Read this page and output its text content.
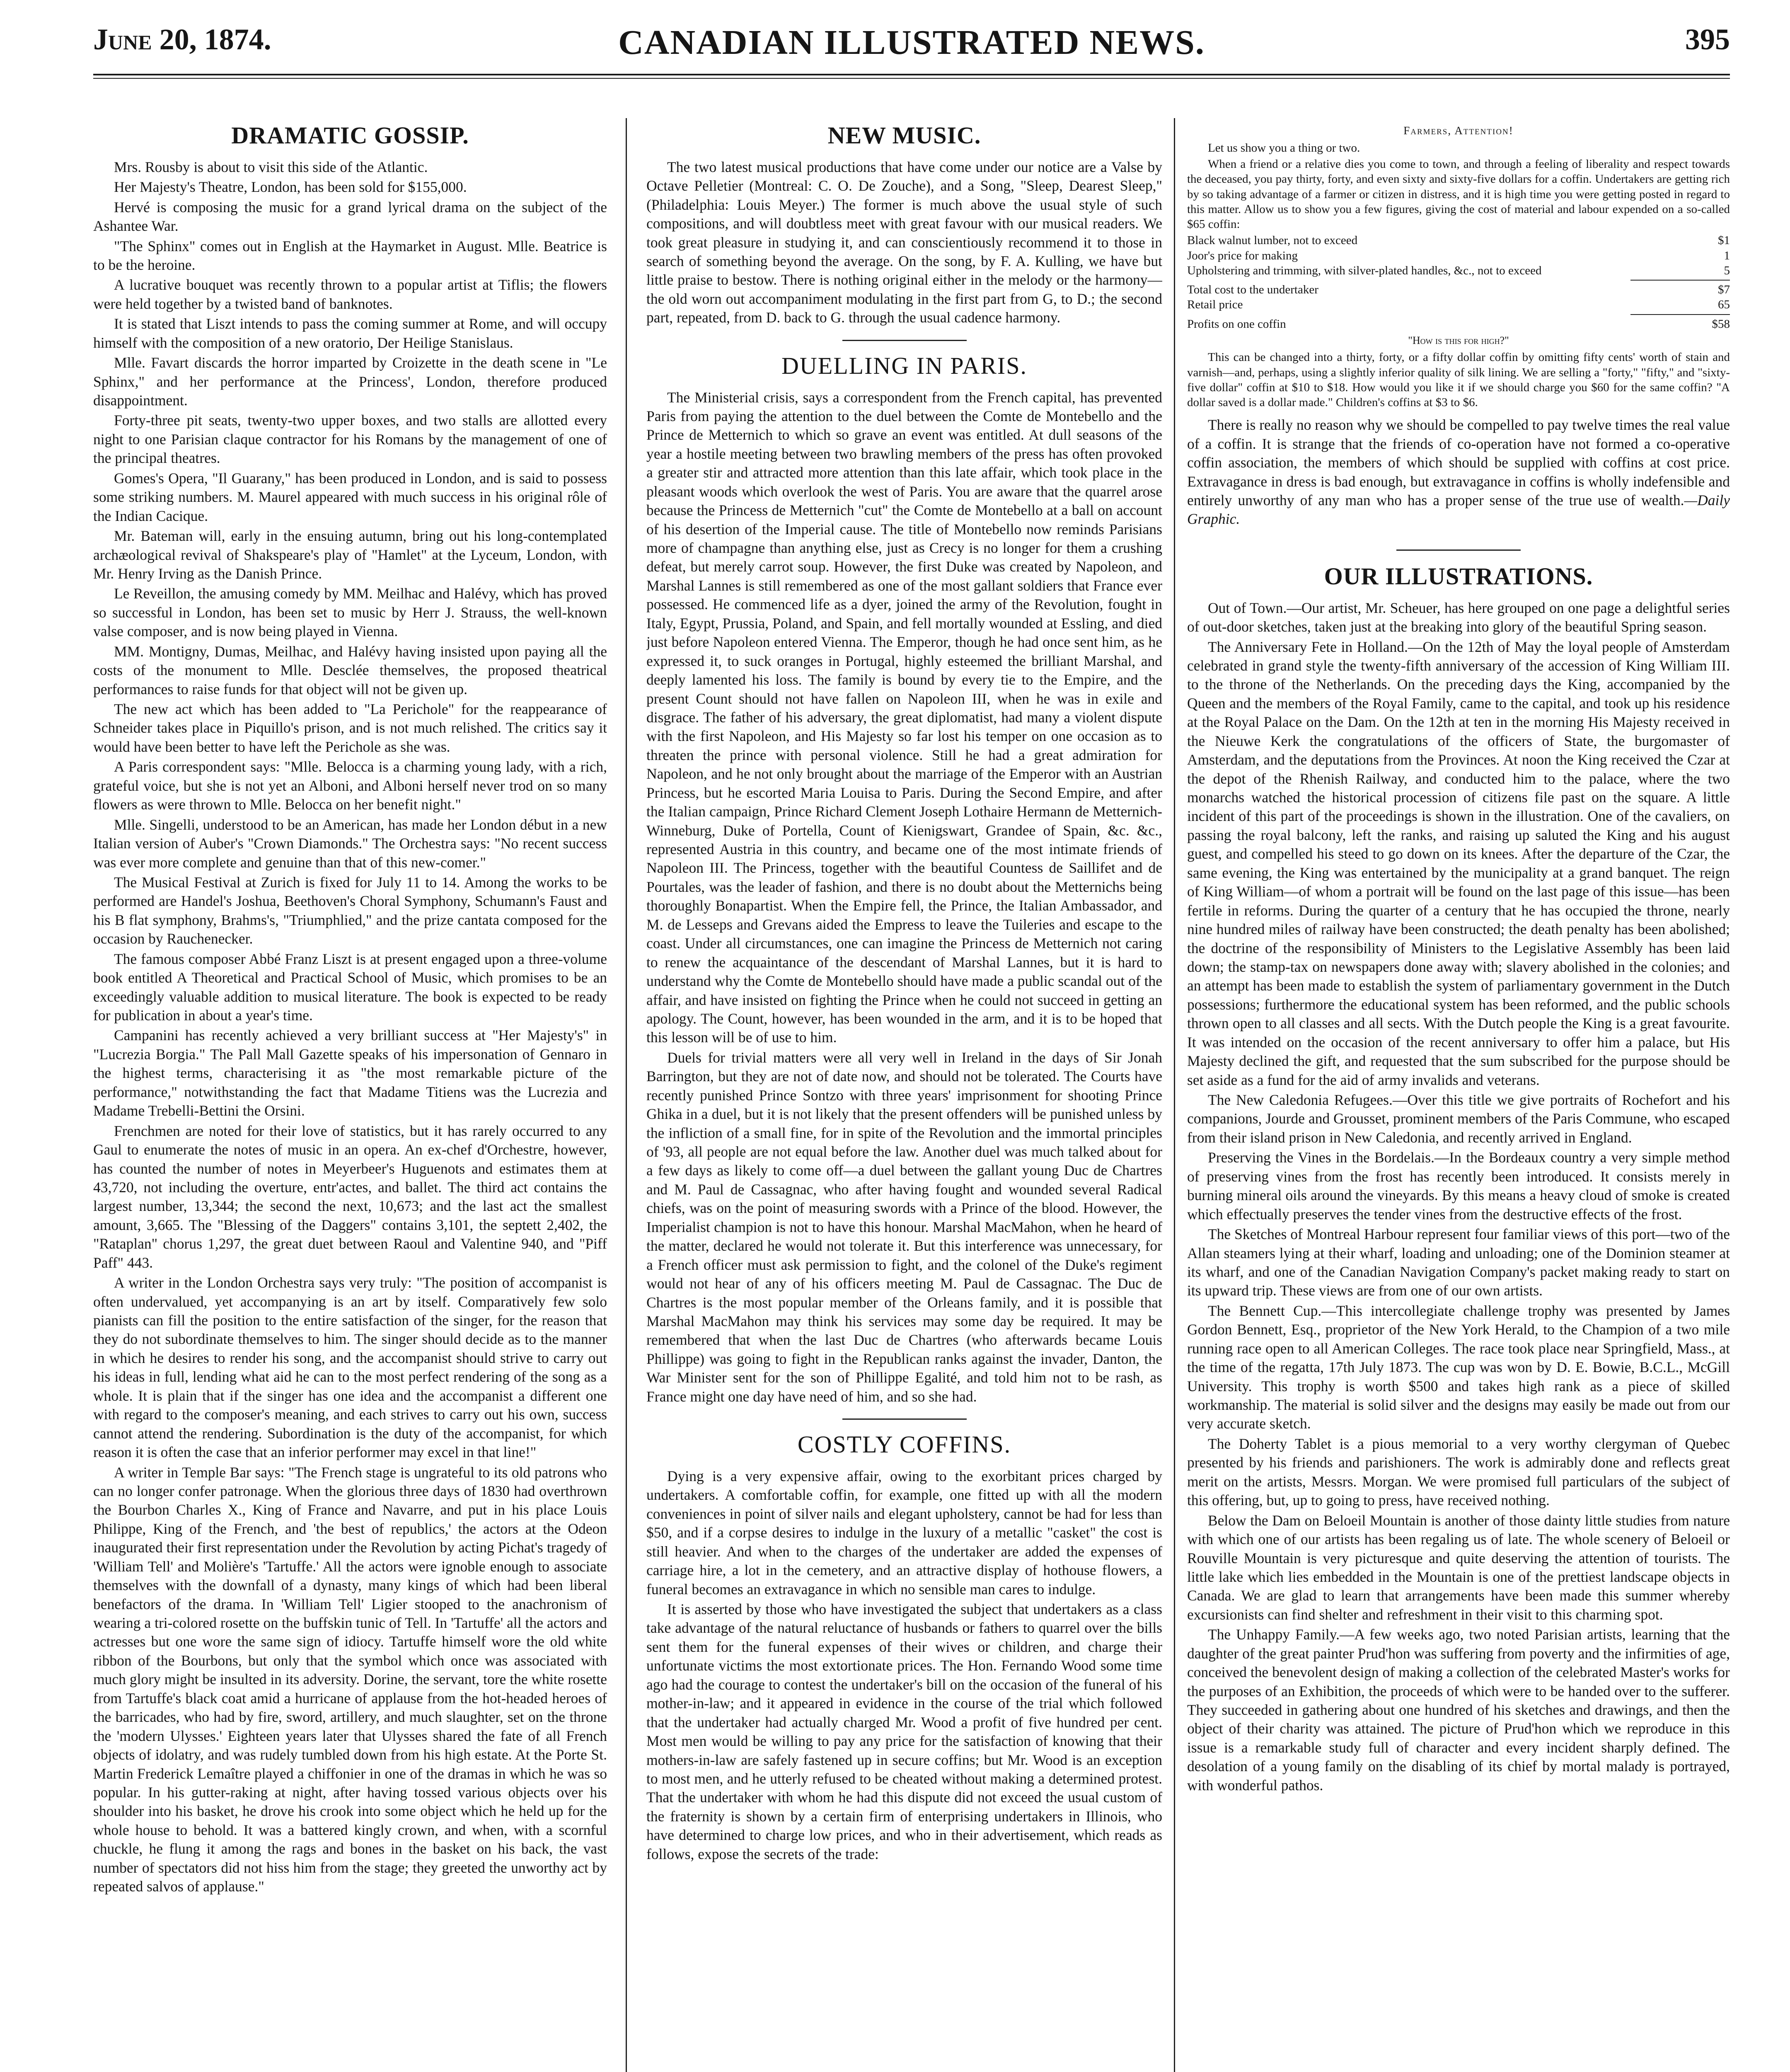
June 20, 1874.	CANADIAN ILLUSTRATED NEWS.	395
DRAMATIC GOSSIP.

Mrs. Rousby is about to visit this side of the Atlantic.

Her Majesty's Theatre, London, has been sold for $155,000.

Hervé is composing the music for a grand lyrical drama on the subject of the Ashantee War.

"The Sphinx" comes out in English at the Haymarket in August. Mlle. Beatrice is to be the heroine.

A lucrative bouquet was recently thrown to a popular artist at Tiflis; the flowers were held together by a twisted band of banknotes.

It is stated that Liszt intends to pass the coming summer at Rome, and will occupy himself with the composition of a new oratorio, Der Heilige Stanislaus.

Mlle. Favart discards the horror imparted by Croizette in the death scene in "Le Sphinx," and her performance at the Princess', London, therefore produced disappointment.

Forty-three pit seats, twenty-two upper boxes, and two stalls are allotted every night to one Parisian claque contractor for his Romans by the management of one of the principal theatres.

Gomes's Opera, "Il Guarany," has been produced in London, and is said to possess some striking numbers. M. Maurel appeared with much success in his original rôle of the Indian Cacique.

Mr. Bateman will, early in the ensuing autumn, bring out his long-contemplated archæological revival of Shakspeare's play of "Hamlet" at the Lyceum, London, with Mr. Henry Irving as the Danish Prince.

Le Reveillon, the amusing comedy by MM. Meilhac and Halévy, which has proved so successful in London, has been set to music by Herr J. Strauss, the well-known valse composer, and is now being played in Vienna.

MM. Montigny, Dumas, Meilhac, and Halévy having insisted upon paying all the costs of the monument to Mlle. Desclée themselves, the proposed theatrical performances to raise funds for that object will not be given up.

The new act which has been added to "La Perichole" for the reappearance of Schneider takes place in Piquillo's prison, and is not much relished. The critics say it would have been better to have left the Perichole as she was.

A Paris correspondent says: "Mlle. Belocca is a charming young lady, with a rich, grateful voice, but she is not yet an Alboni, and Alboni herself never trod on so many flowers as were thrown to Mlle. Belocca on her benefit night."

Mlle. Singelli, understood to be an American, has made her London début in a new Italian version of Auber's "Crown Diamonds." The Orchestra says: "No recent success was ever more complete and genuine than that of this new-comer."

The Musical Festival at Zurich is fixed for July 11 to 14. Among the works to be performed are Handel's Joshua, Beethoven's Choral Symphony, Schumann's Faust and his B flat symphony, Brahms's, "Triumphlied," and the prize cantata composed for the occasion by Rauchenecker.

The famous composer Abbé Franz Liszt is at present engaged upon a three-volume book entitled A Theoretical and Practical School of Music, which promises to be an exceedingly valuable addition to musical literature. The book is expected to be ready for publication in about a year's time.

Campanini has recently achieved a very brilliant success at "Her Majesty's" in "Lucrezia Borgia." The Pall Mall Gazette speaks of his impersonation of Gennaro in the highest terms, characterising it as "the most remarkable picture of the performance," notwithstanding the fact that Madame Titiens was the Lucrezia and Madame Trebelli-Bettini the Orsini.

Frenchmen are noted for their love of statistics, but it has rarely occurred to any Gaul to enumerate the notes of music in an opera. An ex-chef d'Orchestre, however, has counted the number of notes in Meyerbeer's Huguenots and estimates them at 43,720, not including the overture, entr'actes, and ballet. The third act contains the largest number, 13,344; the second the next, 10,673; and the last act the smallest amount, 3,665. The "Blessing of the Daggers" contains 3,101, the septett 2,402, the "Rataplan" chorus 1,297, the great duet between Raoul and Valentine 940, and "Piff Paff" 443.

A writer in the London Orchestra says very truly: "The position of accompanist is often undervalued, yet accompanying is an art by itself. Comparatively few solo pianists can fill the position to the entire satisfaction of the singer, for the reason that they do not subordinate themselves to him. The singer should decide as to the manner in which he desires to render his song, and the accompanist should strive to carry out his ideas in full, lending what aid he can to the most perfect rendering of the song as a whole. It is plain that if the singer has one idea and the accompanist a different one with regard to the composer's meaning, and each strives to carry out his own, success cannot attend the rendering. Subordination is the duty of the accompanist, for which reason it is often the case that an inferior performer may excel in that line!"

A writer in Temple Bar says: "The French stage is ungrateful to its old patrons who can no longer confer patronage. When the glorious three days of 1830 had overthrown the Bourbon Charles X., King of France and Navarre, and put in his place Louis Philippe, King of the French, and 'the best of republics,' the actors at the Odeon inaugurated their first representation under the Revolution by acting Pichat's tragedy of 'William Tell' and Molière's 'Tartuffe.' All the actors were ignoble enough to associate themselves with the downfall of a dynasty, many kings of which had been liberal benefactors of the drama. In 'William Tell' Ligier stooped to the anachronism of wearing a tri-colored rosette on the buffskin tunic of Tell. In 'Tartuffe' all the actors and actresses but one wore the same sign of idiocy. Tartuffe himself wore the old white ribbon of the Bourbons, but only that the symbol which once was associated with much glory might be insulted in its adversity. Dorine, the servant, tore the white rosette from Tartuffe's black coat amid a hurricane of applause from the hot-headed heroes of the barricades, who had by fire, sword, artillery, and much slaughter, set on the throne the 'modern Ulysses.' Eighteen years later that Ulysses shared the fate of all French objects of idolatry, and was rudely tumbled down from his high estate. At the Porte St. Martin Frederick Lemaître played a chiffonier in one of the dramas in which he was so popular. In his gutter-raking at night, after having tossed various objects over his shoulder into his basket, he drove his crook into some object which he held up for the whole house to behold. It was a battered kingly crown, and when, with a scornful chuckle, he flung it among the rags and bones in the basket on his back, the vast number of spectators did not hiss him from the stage; they greeted the unworthy act by repeated salvos of applause."

NEW MUSIC.

The two latest musical productions that have come under our notice are a Valse by Octave Pelletier (Montreal: C. O. De Zouche), and a Song, "Sleep, Dearest Sleep," (Philadelphia: Louis Meyer.) The former is much above the usual style of such compositions, and will doubtless meet with great favour with our musical readers. We took great pleasure in studying it, and can conscientiously recommend it to those in search of something beyond the average. On the song, by F. A. Kulling, we have but little praise to bestow. There is nothing original either in the melody or the harmony—the old worn out accompaniment modulating in the first part from G, to D.; the second part, repeated, from D. back to G. through the usual cadence harmony.

DUELLING IN PARIS.

The Ministerial crisis, says a correspondent from the French capital, has prevented Paris from paying the attention to the duel between the Comte de Montebello and the Prince de Metternich to which so grave an event was entitled. At dull seasons of the year a hostile meeting between two brawling members of the press has often provoked a greater stir and attracted more attention than this late affair, which took place in the pleasant woods which overlook the west of Paris. You are aware that the quarrel arose because the Princess de Metternich "cut" the Comte de Montebello at a ball on account of his desertion of the Imperial cause. The title of Montebello now reminds Parisians more of champagne than anything else, just as Crecy is no longer for them a crushing defeat, but merely carrot soup. However, the first Duke was created by Napoleon, and Marshal Lannes is still remembered as one of the most gallant soldiers that France ever possessed. He commenced life as a dyer, joined the army of the Revolution, fought in Italy, Egypt, Prussia, Poland, and Spain, and fell mortally wounded at Essling, and died just before Napoleon entered Vienna. The Emperor, though he had once sent him, as he expressed it, to suck oranges in Portugal, highly esteemed the brilliant Marshal, and deeply lamented his loss. The family is bound by every tie to the Empire, and the present Count should not have fallen on Napoleon III, when he was in exile and disgrace. The father of his adversary, the great diplomatist, had many a violent dispute with the first Napoleon, and His Majesty so far lost his temper on one occasion as to threaten the prince with personal violence. Still he had a great admiration for Napoleon, and he not only brought about the marriage of the Emperor with an Austrian Princess, but he escorted Maria Louisa to Paris. During the Second Empire, and after the Italian campaign, Prince Richard Clement Joseph Lothaire Hermann de Metternich-Winneburg, Duke of Portella, Count of Kienigswart, Grandee of Spain, &c. &c., represented Austria in this country, and became one of the most intimate friends of Napoleon III. The Princess, together with the beautiful Countess de Saillifet and de Pourtales, was the leader of fashion, and there is no doubt about the Metternichs being thoroughly Bonapartist. When the Empire fell, the Prince, the Italian Ambassador, and M. de Lesseps and Grevans aided the Empress to leave the Tuileries and escape to the coast. Under all circumstances, one can imagine the Princess de Metternich not caring to renew the acquaintance of the descendant of Marshal Lannes, but it is hard to understand why the Comte de Montebello should have made a public scandal out of the affair, and have insisted on fighting the Prince when he could not succeed in getting an apology. The Count, however, has been wounded in the arm, and it is to be hoped that this lesson will be of use to him.

Duels for trivial matters were all very well in Ireland in the days of Sir Jonah Barrington, but they are not of date now, and should not be tolerated. The Courts have recently punished Prince Sontzo with three years' imprisonment for shooting Prince Ghika in a duel, but it is not likely that the present offenders will be punished unless by the infliction of a small fine, for in spite of the Revolution and the immortal principles of '93, all people are not equal before the law. Another duel was much talked about for a few days as likely to come off—a duel between the gallant young Duc de Chartres and M. Paul de Cassagnac, who after having fought and wounded several Radical chiefs, was on the point of measuring swords with a Prince of the blood. However, the Imperialist champion is not to have this honour. Marshal MacMahon, when he heard of the matter, declared he would not tolerate it. But this interference was unnecessary, for a French officer must ask permission to fight, and the colonel of the Duke's regiment would not hear of any of his officers meeting M. Paul de Cassagnac. The Duc de Chartres is the most popular member of the Orleans family, and it is possible that Marshal MacMahon may think his services may some day be required. It may be remembered that when the last Duc de Chartres (who afterwards became Louis Phillippe) was going to fight in the Republican ranks against the invader, Danton, the War Minister sent for the son of Phillippe Egalité, and told him not to be rash, as France might one day have need of him, and so she had.

COSTLY COFFINS.

Dying is a very expensive affair, owing to the exorbitant prices charged by undertakers. A comfortable coffin, for example, one fitted up with all the modern conveniences in point of silver nails and elegant upholstery, cannot be had for less than $50, and if a corpse desires to indulge in the luxury of a metallic "casket" the cost is still heavier. And when to the charges of the undertaker are added the expenses of carriage hire, a lot in the cemetery, and an attractive display of hothouse flowers, a funeral becomes an extravagance in which no sensible man cares to indulge.

It is asserted by those who have investigated the subject that undertakers as a class take advantage of the natural reluctance of husbands or fathers to quarrel over the bills sent them for the funeral expenses of their wives or children, and charge their unfortunate victims the most extortionate prices. The Hon. Fernando Wood some time ago had the courage to contest the undertaker's bill on the occasion of the funeral of his mother-in-law; and it appeared in evidence in the course of the trial which followed that the undertaker had actually charged Mr. Wood a profit of five hundred per cent. Most men would be willing to pay any price for the satisfaction of knowing that their mothers-in-law are safely fastened up in secure coffins; but Mr. Wood is an exception to most men, and he utterly refused to be cheated without making a determined protest. That the undertaker with whom he had this dispute did not exceed the usual custom of the fraternity is shown by a certain firm of enterprising undertakers in Illinois, who have determined to charge low prices, and who in their advertisement, which reads as follows, expose the secrets of the trade:

Farmers, Attention!

Let us show you a thing or two.

When a friend or a relative dies you come to town, and through a feeling of liberality and respect towards the deceased, you pay thirty, forty, and even sixty and sixty-five dollars for a coffin. Undertakers are getting rich by so taking advantage of a farmer or citizen in distress, and it is high time you were getting posted in regard to this matter. Allow us to show you a few figures, giving the cost of material and labour expended on a so-called $65 coffin:

Black walnut lumber, not to exceed	$1
Joor's price for making	1
Upholstering and trimming, with silver-plated handles, &c., not to exceed	5
Total cost to the undertaker	$7
Retail price	65
Profits on one coffin	$58
"How is this for high?"

This can be changed into a thirty, forty, or a fifty dollar coffin by omitting fifty cents' worth of stain and varnish—and, perhaps, using a slightly inferior quality of silk lining. We are selling a "forty," "fifty," and "sixty-five dollar" coffin at $10 to $18. How would you like it if we should charge you $60 for the same coffin? "A dollar saved is a dollar made." Children's coffins at $3 to $6.

There is really no reason why we should be compelled to pay twelve times the real value of a coffin. It is strange that the friends of co-operation have not formed a co-operative coffin association, the members of which should be supplied with coffins at cost price. Extravagance in dress is bad enough, but extravagance in coffins is wholly indefensible and entirely unworthy of any man who has a proper sense of the true use of wealth.—Daily Graphic.

OUR ILLUSTRATIONS.

Out of Town.—Our artist, Mr. Scheuer, has here grouped on one page a delightful series of out-door sketches, taken just at the breaking into glory of the beautiful Spring season.

The Anniversary Fete in Holland.—On the 12th of May the loyal people of Amsterdam celebrated in grand style the twenty-fifth anniversary of the accession of King William III. to the throne of the Netherlands. On the preceding days the King, accompanied by the Queen and the members of the Royal Family, came to the capital, and took up his residence at the Royal Palace on the Dam. On the 12th at ten in the morning His Majesty received in the Nieuwe Kerk the congratulations of the officers of State, the burgomaster of Amsterdam, and the deputations from the Provinces. At noon the King received the Czar at the depot of the Rhenish Railway, and conducted him to the palace, where the two monarchs watched the historical procession of citizens file past on the square. A little incident of this part of the proceedings is shown in the illustration. One of the cavaliers, on passing the royal balcony, left the ranks, and raising up saluted the King and his august guest, and compelled his steed to go down on its knees. After the departure of the Czar, the same evening, the King was entertained by the municipality at a grand banquet. The reign of King William—of whom a portrait will be found on the last page of this issue—has been fertile in reforms. During the quarter of a century that he has occupied the throne, nearly nine hundred miles of railway have been constructed; the death penalty has been abolished; the doctrine of the responsibility of Ministers to the Legislative Assembly has been laid down; the stamp-tax on newspapers done away with; slavery abolished in the colonies; and an attempt has been made to establish the system of parliamentary government in the Dutch possessions; furthermore the educational system has been reformed, and the public schools thrown open to all classes and all sects. With the Dutch people the King is a great favourite. It was intended on the occasion of the recent anniversary to offer him a palace, but His Majesty declined the gift, and requested that the sum subscribed for the purpose should be set aside as a fund for the aid of army invalids and veterans.

The New Caledonia Refugees.—Over this title we give portraits of Rochefort and his companions, Jourde and Grousset, prominent members of the Paris Commune, who escaped from their island prison in New Caledonia, and recently arrived in England.

Preserving the Vines in the Bordelais.—In the Bordeaux country a very simple method of preserving vines from the frost has recently been introduced. It consists merely in burning mineral oils around the vineyards. By this means a heavy cloud of smoke is created which effectually preserves the tender vines from the destructive effects of the frost.

The Sketches of Montreal Harbour represent four familiar views of this port—two of the Allan steamers lying at their wharf, loading and unloading; one of the Dominion steamer at its wharf, and one of the Canadian Navigation Company's packet making ready to start on its upward trip. These views are from one of our own artists.

The Bennett Cup.—This intercollegiate challenge trophy was presented by James Gordon Bennett, Esq., proprietor of the New York Herald, to the Champion of a two mile running race open to all American Colleges. The race took place near Springfield, Mass., at the time of the regatta, 17th July 1873. The cup was won by D. E. Bowie, B.C.L., McGill University. This trophy is worth $500 and takes high rank as a piece of skilled workmanship. The material is solid silver and the designs may easily be made out from our very accurate sketch.

The Doherty Tablet is a pious memorial to a very worthy clergyman of Quebec presented by his friends and parishioners. The work is admirably done and reflects great merit on the artists, Messrs. Morgan. We were promised full particulars of the subject of this offering, but, up to going to press, have received nothing.

Below the Dam on Beloeil Mountain is another of those dainty little studies from nature with which one of our artists has been regaling us of late. The whole scenery of Beloeil or Rouville Mountain is very picturesque and quite deserving the attention of tourists. The little lake which lies embedded in the Mountain is one of the prettiest landscape objects in Canada. We are glad to learn that arrangements have been made this summer whereby excursionists can find shelter and refreshment in their visit to this charming spot.

The Unhappy Family.—A few weeks ago, two noted Parisian artists, learning that the daughter of the great painter Prud'hon was suffering from poverty and the infirmities of age, conceived the benevolent design of making a collection of the celebrated Master's works for the purposes of an Exhibition, the proceeds of which were to be handed over to the sufferer. They succeeded in gathering about one hundred of his sketches and drawings, and then the object of their charity was attained. The picture of Prud'hon which we reproduce in this issue is a remarkable study full of character and every incident sharply defined. The desolation of a young family on the disabling of its chief by mortal malady is portrayed, with wonderful pathos.
